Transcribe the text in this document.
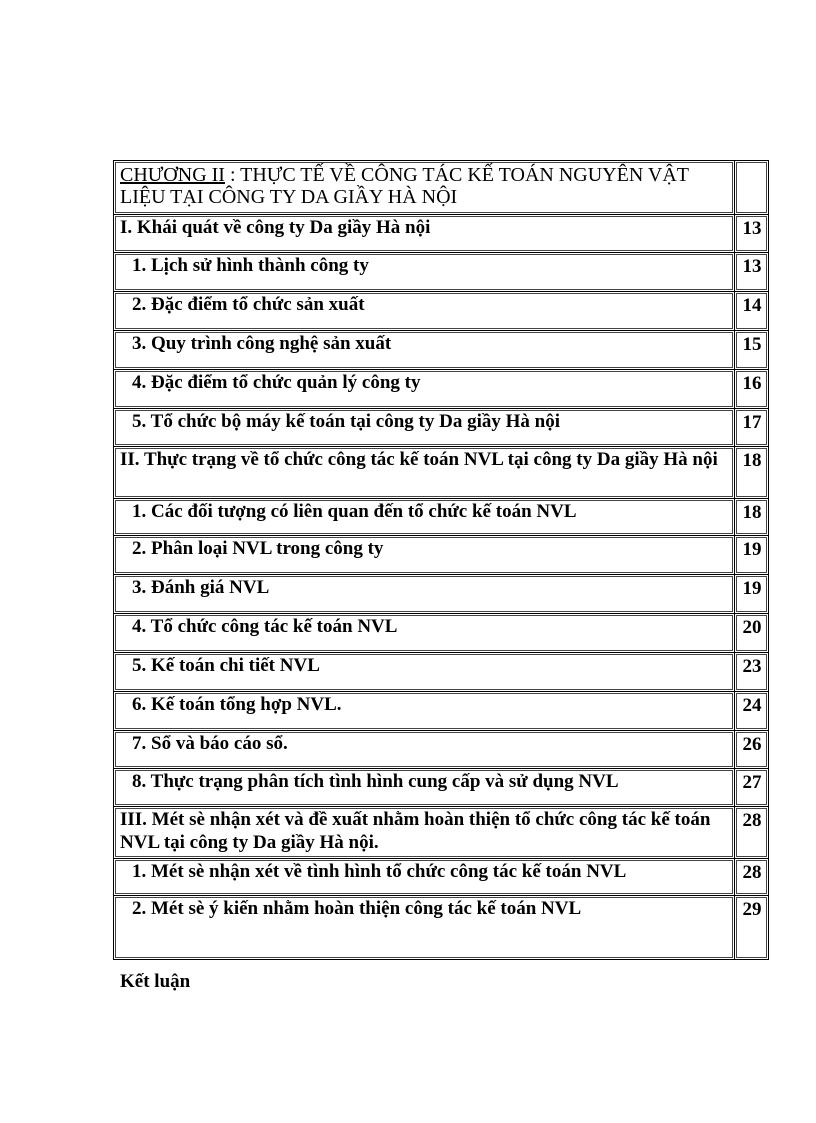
CHƯƠNG II : THỰC TẾ VỀ CÔNG TÁC KẾ TOÁN NGUYÊN VẬT LIỆU TẠI CÔNG TY DA GIẦY HÀ NỘI	
I. Khái quát về công ty Da giầy Hà nội	13
1. Lịch sử hình thành công ty	13
2. Đặc điểm tổ chức sản xuất	14
3. Quy trình công nghệ sản xuất	15
4. Đặc điểm tổ chức quản lý công ty	16
5. Tổ chức bộ máy kế toán tại công ty Da giầy Hà nội	17
II. Thực trạng về tổ chức công tác kế toán NVL tại công ty Da giầy Hà nội	18
1. Các đối tượng có liên quan đến tổ chức kế toán NVL	18
2. Phân loại NVL trong công ty	19
3. Đánh giá NVL	19
4. Tổ chức công tác kế toán NVL	20
5. Kế toán chi tiết NVL	23
6. Kế toán tổng hợp NVL.	24
7. Sổ và báo cáo sổ.	26
8. Thực trạng phân tích tình hình cung cấp và sử dụng NVL	27
III. Mét sè nhận xét và đề xuất nhằm hoàn thiện tổ chức công tác kế toán NVL tại công ty Da giầy Hà nội.	28
1. Mét sè nhận xét về tình hình tổ chức công tác kế toán NVL	28
2. Mét sè ý kiến nhằm hoàn thiện công tác kế toán NVL	29
Kết luận
